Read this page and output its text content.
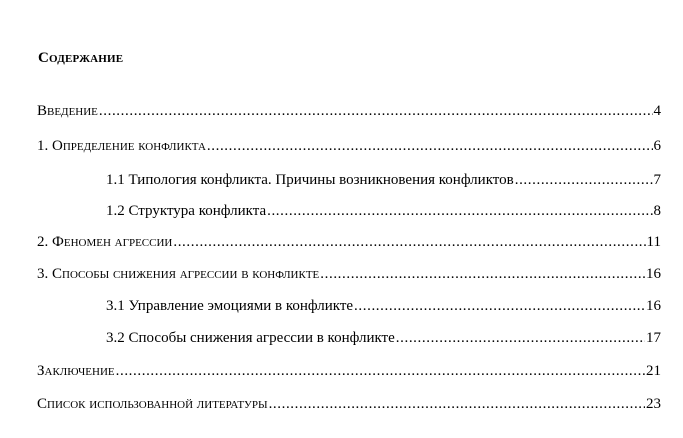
Содержание
Введение .....	4
1. Определение конфликта .....	6
1.1 Типология конфликта. Причины возникновения конфликтов .....	7
1.2 Структура конфликта .....	8
2. Феномен агрессии .....	11
3. Способы снижения агрессии в конфликте .....	16
3.1 Управление эмоциями в конфликте .....	16
3.2 Способы снижения агрессии в конфликте .....	17
Заключение .....	21
Список использованной литературы .....	23
